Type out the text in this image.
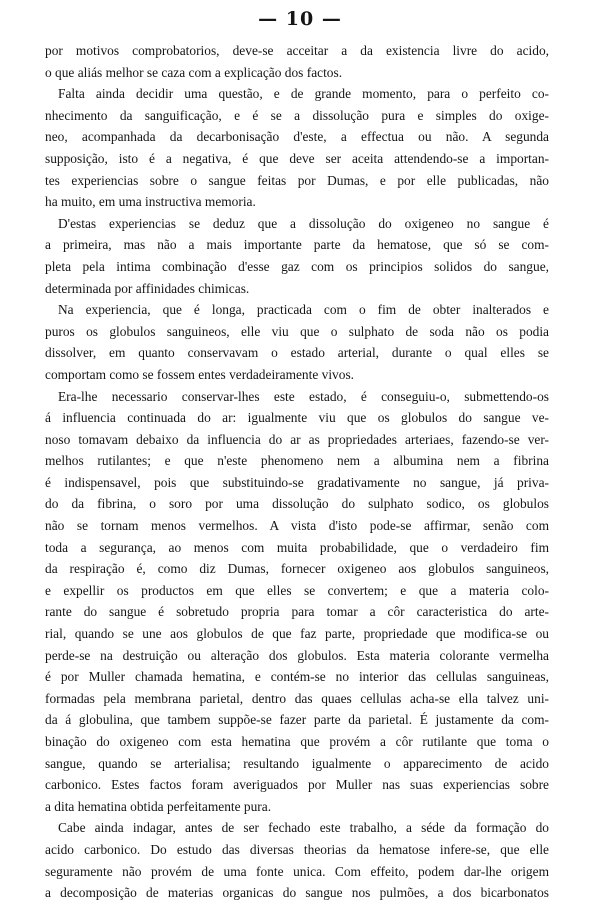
— 10 —
por motivos comprobatorios, deve-se acceitar a da existencia livre do acido,
o que aliás melhor se caza com a explicação dos factos.
Falta ainda decidir uma questão, e de grande momento, para o perfeito co-
nhecimento da sanguificação, e é se a dissolução pura e simples do oxige-
neo, acompanhada da decarbonisação d'este, a effectua ou não. A segunda
supposição, isto é a negativa, é que deve ser aceita attendendo-se a importan-
tes experiencias sobre o sangue feitas por Dumas, e por elle publicadas, não
ha muito, em uma instructiva memoria.
D'estas experiencias se deduz que a dissolução do oxigeneo no sangue é
a primeira, mas não a mais importante parte da hematose, que só se com-
pleta pela intima combinação d'esse gaz com os principios solidos do sangue,
determinada por affinidades chimicas.
Na experiencia, que é longa, practicada com o fim de obter inalterados e
puros os globulos sanguineos, elle viu que o sulphato de soda não os podia
dissolver, em quanto conservavam o estado arterial, durante o qual elles se
comportam como se fossem entes verdadeiramente vivos.
Era-lhe necessario conservar-lhes este estado, é conseguiu-o, submettendo-os
á influencia continuada do ar: igualmente viu que os globulos do sangue ve-
noso tomavam debaixo da influencia do ar as propriedades arteriaes, fazendo-se ver-
melhos rutilantes; e que n'este phenomeno nem a albumina nem a fibrina
é indispensavel, pois que substituindo-se gradativamente no sangue, já priva-
do da fibrina, o soro por uma dissolução do sulphato sodico, os globulos
não se tornam menos vermelhos. A vista d'isto pode-se affirmar, senão com
toda a segurança, ao menos com muita probabilidade, que o verdadeiro fim
da respiração é, como diz Dumas, fornecer oxigeneo aos globulos sanguineos,
e expellir os productos em que elles se convertem; e que a materia colo-
rante do sangue é sobretudo propria para tomar a côr caracteristica do arte-
rial, quando se une aos globulos de que faz parte, propriedade que modifica-se ou
perde-se na destruição ou alteração dos globulos. Esta materia colorante vermelha
é por Muller chamada hematina, e contém-se no interior das cellulas sanguineas,
formadas pela membrana parietal, dentro das quaes cellulas acha-se ella talvez uni-
da á globulina, que tambem suppõe-se fazer parte da parietal. É justamente da com-
binação do oxigeneo com esta hematina que provém a côr rutilante que toma o
sangue, quando se arterialisa; resultando igualmente o apparecimento de acido
carbonico. Estes factos foram averiguados por Muller nas suas experiencias sobre
a dita hematina obtida perfeitamente pura.
Cabe ainda indagar, antes de ser fechado este trabalho, a séde da formação do
acido carbonico. Do estudo das diversas theorias da hematose infere-se, que elle
seguramente não provém de uma fonte unica. Com effeito, podem dar-lhe origem
a decomposição de materias organicas do sangue nos pulmões, a dos bicarbonatos
